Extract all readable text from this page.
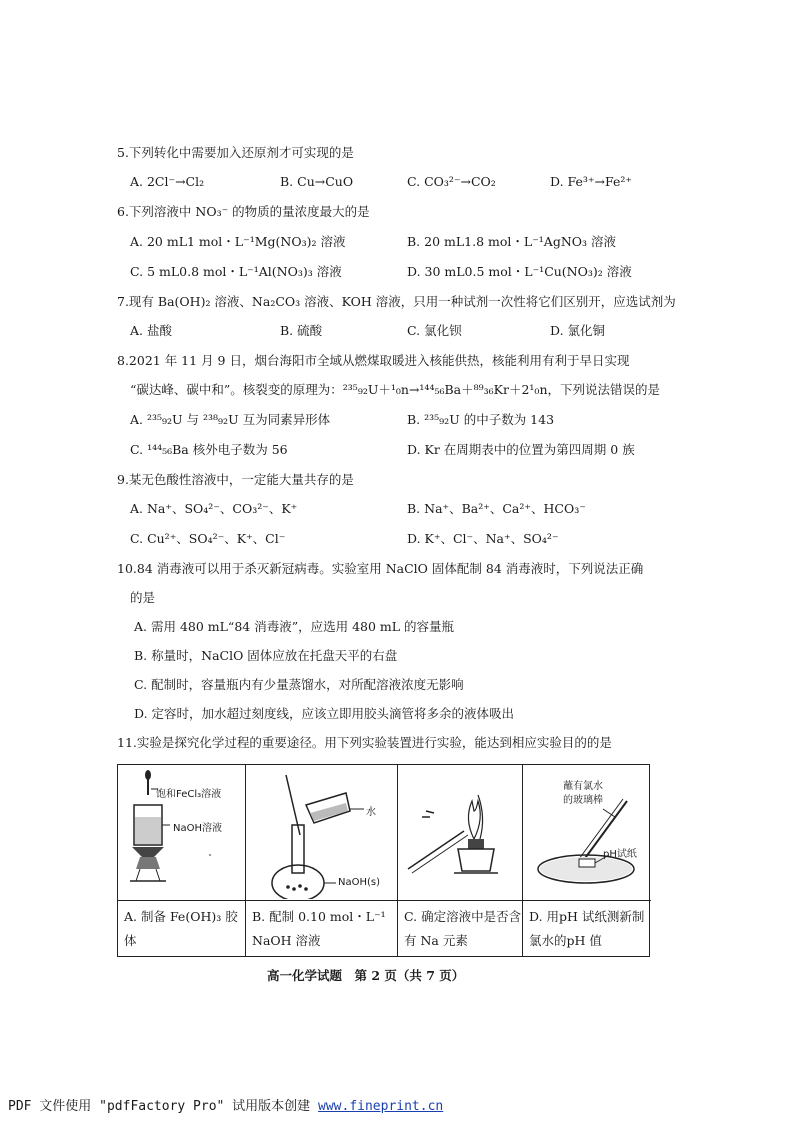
5.下列转化中需要加入还原剂才可实现的是
A. 2Cl⁻→Cl₂	B. Cu→CuO	C. CO₃²⁻→CO₂	D. Fe³⁺→Fe²⁺
6.下列溶液中 NO₃⁻ 的物质的量浓度最大的是
A. 20 mL1 mol・L⁻¹Mg(NO₃)₂ 溶液	B. 20 mL1.8 mol・L⁻¹AgNO₃ 溶液
C. 5 mL0.8 mol・L⁻¹Al(NO₃)₃ 溶液	D. 30 mL0.5 mol・L⁻¹Cu(NO₃)₂ 溶液
7.现有 Ba(OH)₂ 溶液、Na₂CO₃ 溶液、KOH 溶液，只用一种试剂一次性将它们区别开，应选试剂为
A. 盐酸	B. 硫酸	C. 氯化钡	D. 氯化铜
8.2021 年 11 月 9 日，烟台海阳市全域从燃煤取暖进入核能供热，核能利用有利于早日实现
“碳达峰、碳中和”。核裂变的原理为：²³⁵₉₂U＋¹₀n→¹⁴⁴₅₆Ba＋⁸⁹₃₆Kr＋2¹₀n，下列说法错误的是
A. ²³⁵₉₂U 与 ²³⁸₉₂U 互为同素异形体	B. ²³⁵₉₂U 的中子数为 143
C. ¹⁴⁴₅₆Ba 核外电子数为 56	D. Kr 在周期表中的位置为第四周期 0 族
9.某无色酸性溶液中，一定能大量共存的是
A. Na⁺、SO₄²⁻、CO₃²⁻、K⁺	B. Na⁺、Ba²⁺、Ca²⁺、HCO₃⁻
C. Cu²⁺、SO₄²⁻、K⁺、Cl⁻	D. K⁺、Cl⁻、Na⁺、SO₄²⁻
10.84 消毒液可以用于杀灭新冠病毒。实验室用 NaClO 固体配制 84 消毒液时，下列说法正确
的是
A. 需用 480 mL“84 消毒液”，应选用 480 mL 的容量瓶
B. 称量时，NaClO 固体应放在托盘天平的右盘
C. 配制时，容量瓶内有少量蒸馏水，对所配溶液浓度无影响
D. 定容时，加水超过刻度线，应该立即用胶头滴管将多余的液体吸出
11.实验是探究化学过程的重要途径。用下列实验装置进行实验，能达到相应实验目的的是
饱和FeCl₃溶液
NaOH溶液
A. 制备 Fe(OH)₃ 胶体
水
NaOH(s)
B. 配制 0.10 mol・L⁻¹ NaOH 溶液
C. 确定溶液中是否含有 Na 元素
蘸有氯水
的玻璃棒
pH试纸
D. 用pH 试纸测新制氯水的pH 值
高一化学试题　第 2 页（共 7 页）
PDF 文件使用 "pdfFactory Pro" 试用版本创建 www.fineprint.cn
